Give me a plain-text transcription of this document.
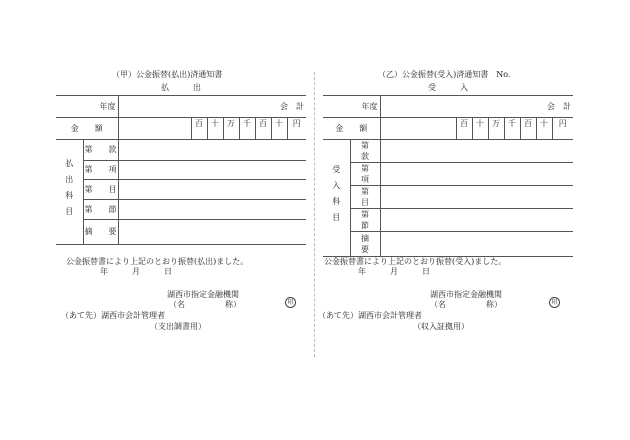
（甲）公金振替(払出)済通知書
払　　　出									
年度		会　計							
金　　額			百	十	万	千	百	十	円
払出科目	第　　款								
	第　　項								
	第　　目								
	第　　節								
	摘　　要								
公金振替書により上記のとおり振替(払出)ました。
年　　　月　　　日
湖西市指定金融機関
（名　　　　　称）	印
（あて先）湖西市会計管理者
（支出調書用）
（乙）公金振替(受入)済通知書　No.
受　　　入									
年度		会　計							
金　　額			百	十	万	千	百	十	円
受入科目	第　　款								
	第　　項								
	第　　目								
	第　　節								
	摘　　要								
公金振替書により上記のとおり振替(受入)ました。
年　　　月　　　日
湖西市指定金融機関
（名　　　　　称）	印
（あて先）湖西市会計管理者
（収入証拠用）
